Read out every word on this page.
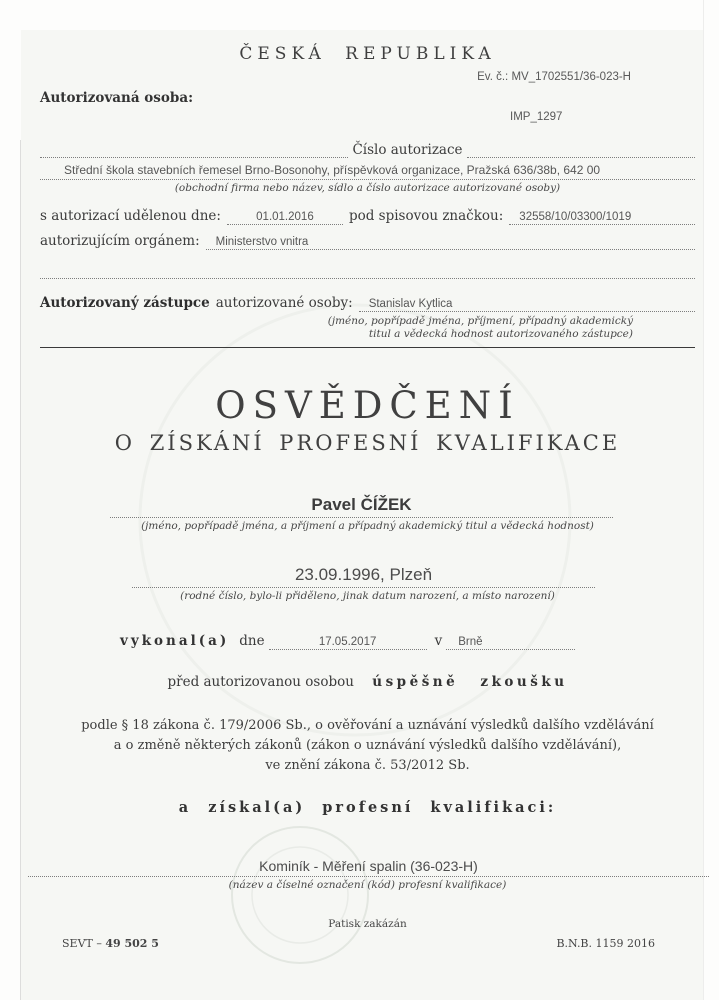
ČESKÁ REPUBLIKA
Ev. č.: MV_1702551/36-023-H
Autorizovaná osoba:
IMP_1297
Číslo autorizace
Střední škola stavebních řemesel Brno-Bosonohy, příspěvková organizace, Pražská 636/38b, 642 00
(obchodní firma nebo název, sídlo a číslo autorizace autorizované osoby)
s autorizací udělenou dne:	01.01.2016	pod spisovou značkou:	32558/10/03300/1019
autorizujícím orgánem:	Ministerstvo vnitra
Autorizovaný zástupce autorizované osoby:	Stanislav Kytlica
(jméno, popřípadě jména, příjmení, případný akademický
titul a vědecká hodnost autorizovaného zástupce)
OSVĚDČENÍ
O ZÍSKÁNÍ PROFESNÍ KVALIFIKACE
Pavel ČÍŽEK
(jméno, popřípadě jména, a příjmení a případný akademický titul a vědecká hodnost)
23.09.1996, Plzeň
(rodné číslo, bylo-li přiděleno, jinak datum narození, a místo narození)
vykonal(a) dne	17.05.2017	v	Brně
před autorizovanou osobou úspěšně zkoušku
podle § 18 zákona č. 179/2006 Sb., o ověřování a uznávání výsledků dalšího vzdělávání
a o změně některých zákonů (zákon o uznávání výsledků dalšího vzdělávání),
ve znění zákona č. 53/2012 Sb.
a získal(a) profesní kvalifikaci:
Kominík - Měření spalin (36-023-H)
(název a číselné označení (kód) profesní kvalifikace)
Patisk zakázán
SEVT – 49 502 5	B.N.B. 1159 2016
